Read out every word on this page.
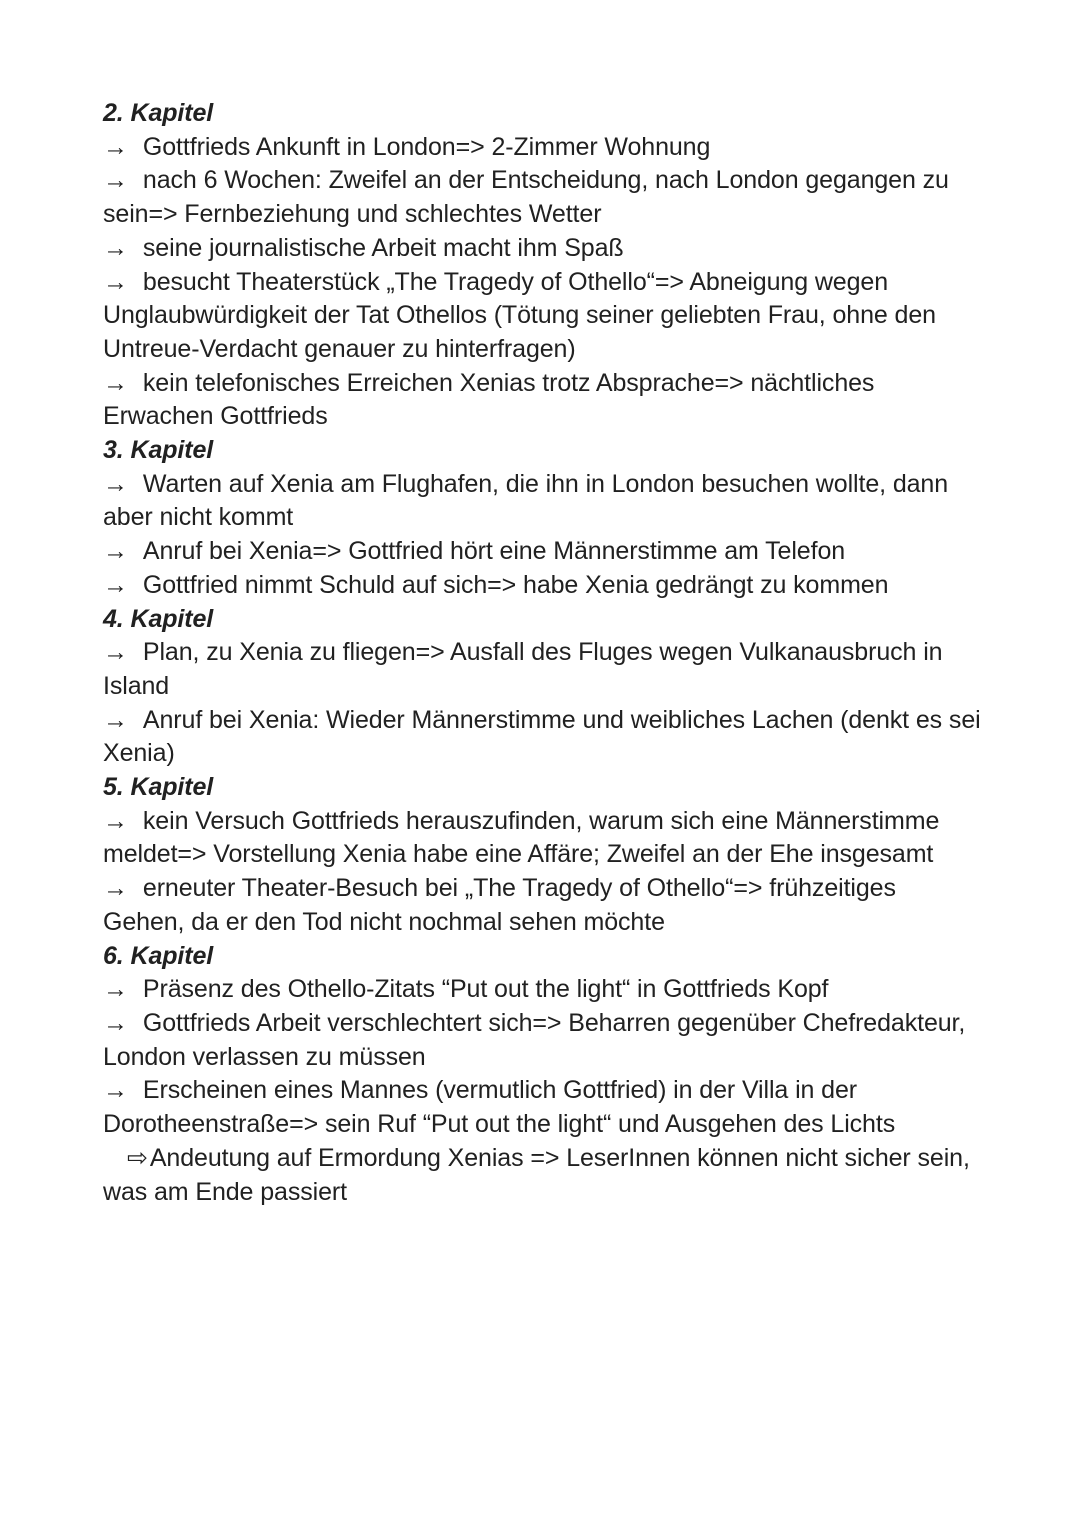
2. Kapitel

→ Gottfrieds Ankunft in London=> 2-Zimmer Wohnung

→ nach 6 Wochen: Zweifel an der Entscheidung, nach London gegangen zu sein=> Fernbeziehung und schlechtes Wetter

→ seine journalistische Arbeit macht ihm Spaß

→ besucht Theaterstück „The Tragedy of Othello“=> Abneigung wegen Unglaubwürdigkeit der Tat Othellos (Tötung seiner geliebten Frau, ohne den Untreue-Verdacht genauer zu hinterfragen)

→ kein telefonisches Erreichen Xenias trotz Absprache=> nächtliches Erwachen Gottfrieds

3. Kapitel

→ Warten auf Xenia am Flughafen, die ihn in London besuchen wollte, dann aber nicht kommt

→ Anruf bei Xenia=> Gottfried hört eine Männerstimme am Telefon

→ Gottfried nimmt Schuld auf sich=> habe Xenia gedrängt zu kommen

4. Kapitel

→ Plan, zu Xenia zu fliegen=> Ausfall des Fluges wegen Vulkanausbruch in Island

→ Anruf bei Xenia: Wieder Männerstimme und weibliches Lachen (denkt es sei Xenia)

5. Kapitel

→ kein Versuch Gottfrieds herauszufinden, warum sich eine Männerstimme meldet=> Vorstellung Xenia habe eine Affäre; Zweifel an der Ehe insgesamt

→ erneuter Theater-Besuch bei „The Tragedy of Othello“=> frühzeitiges Gehen, da er den Tod nicht nochmal sehen möchte

6. Kapitel

→ Präsenz des Othello-Zitats “Put out the light“ in Gottfrieds Kopf

→ Gottfrieds Arbeit verschlechtert sich=> Beharren gegenüber Chefredakteur, London verlassen zu müssen

→ Erscheinen eines Mannes (vermutlich Gottfried) in der Villa in der Dorotheenstraße=> sein Ruf “Put out the light“ und Ausgehen des Lichts

⇨Andeutung auf Ermordung Xenias => LeserInnen können nicht sicher sein, was am Ende passiert
